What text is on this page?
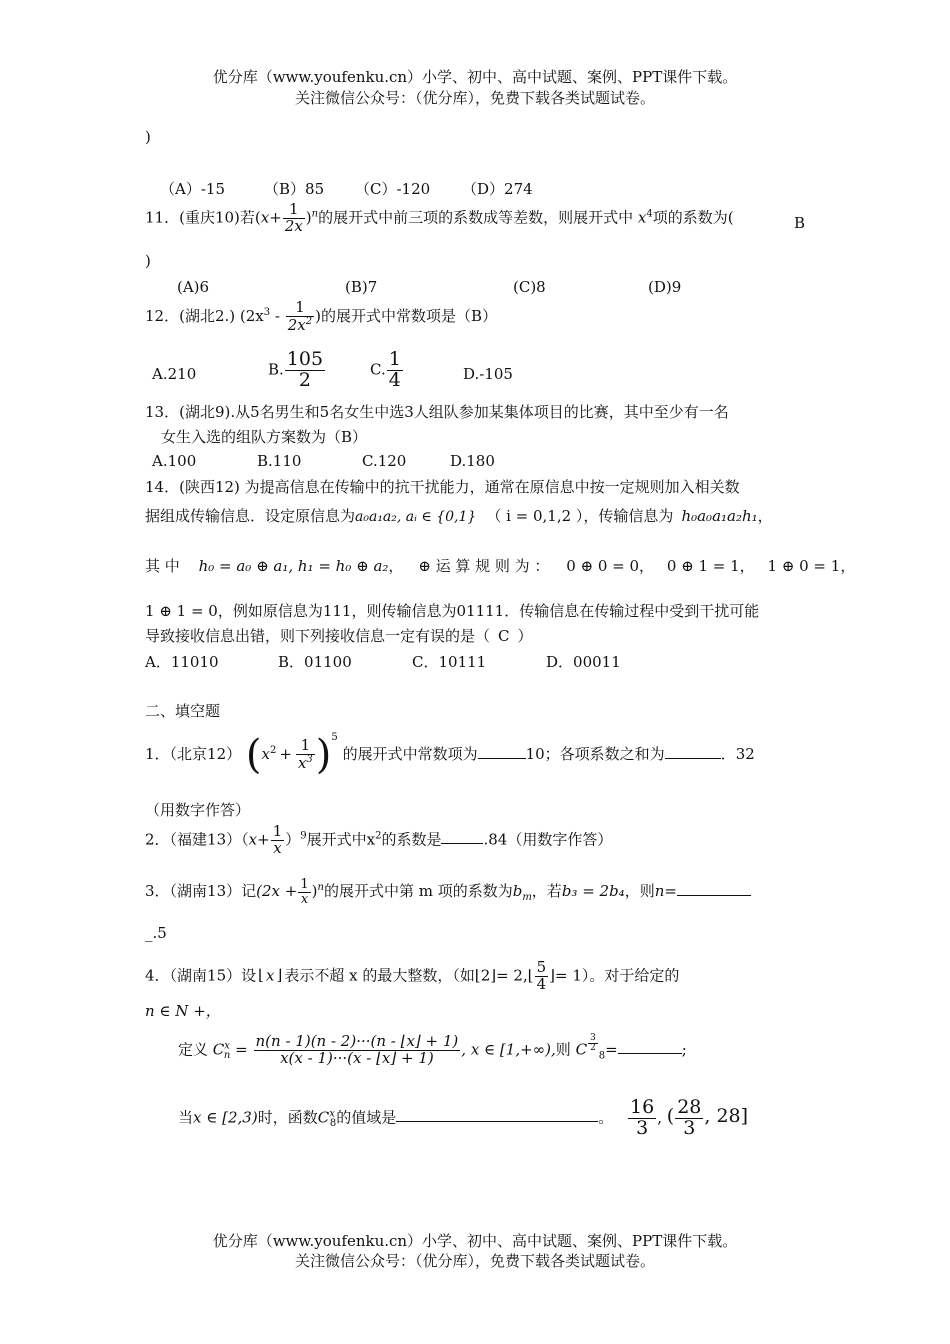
优分库（www.youfenku.cn）小学、初中、高中试题、案例、PPT课件下载。
关注微信公众号：（优分库），免费下载各类试题试卷。
)
（A）-15	（B）85 （C）-120 （D）274
11．(重庆10)若$(x+ \frac{1}{2x} )^n$的展开式中前三项的系数成等差数，则展开式中 $x^4$项的系数为(	B
)
(A)6	(B)7	(C)8	(D)9
12．(湖北2.) ($2x^3 - \frac{1}{2x^2}$ )的展开式中常数项是（B）
A.210	B. $\frac{105}{2}$	C. $\frac{1}{4}$	D.-105
13．(湖北9).从5名男生和5名女生中选3人组队参加某集体项目的比赛，其中至少有一名
女生入选的组队方案数为（B）
A.100	B.110	C.120	D.180
14．(陕西12) 为提高信息在传输中的抗干扰能力，通常在原信息中按一定规则加入相关数
据组成传输信息．设定原信息为a₀a₁a₂, aᵢ ∈ {0,1} （ i = 0,1,2 ），传输信息为 h₀a₀a₁a₂h₁，
其 中 h₀ = a₀ ⊕ a₁, h₁ = h₀ ⊕ a₂， ⊕ 运 算 规 则 为 ： 0 ⊕ 0 = 0， 0 ⊕ 1 = 1， 1 ⊕ 0 = 1，
1 ⊕ 1 = 0，例如原信息为111，则传输信息为01111．传输信息在传输过程中受到干扰可能
导致接收信息出错，则下列接收信息一定有误的是（ C ）
A．11010	B．01100	C．10111	D．00011
二、填空题
1．（北京12） $(x^2 + \frac{1}{x^3} )^5$ 的展开式中常数项为	10；各项系数之和为	．32
（用数字作答）
2．（福建$13)(x+ \frac{1}{x} )^9$展开式中$x^2$的系数是	.84（用数字作答）
3．（湖南13）记$(2x + \frac{1}{x} )^n$的展开式中第 m 项的系数为$b_m$，若b₃ = 2b₄，则n=
_.5
4．（湖南15）设 ⌊ x ⌋ 表示不超 x 的最大整数，（如⌊2⌋= 2,⌊ $\frac{5}{4}$ ⌋= 1）。对于给定的
n ∈ N +，
定义 $C^x_n = \frac{n(n - 1)(n - 2)\cdot\cdot\cdot(n - ⌊x⌋ + 1)}{x(x - 1)\cdot\cdot\cdot(x - ⌊x⌋ + 1)}$ , x ∈ [1,+∞),则 C $\frac{3}{2}$
$_8$=	;
当x ∈ [2,3)时，函数$C^x_8$的值域是	。 $\frac{16}{3}$ , ( $\frac{28}{3}$ , 28]
优分库（www.youfenku.cn）小学、初中、高中试题、案例、PPT课件下载。
关注微信公众号：（优分库），免费下载各类试题试卷。
